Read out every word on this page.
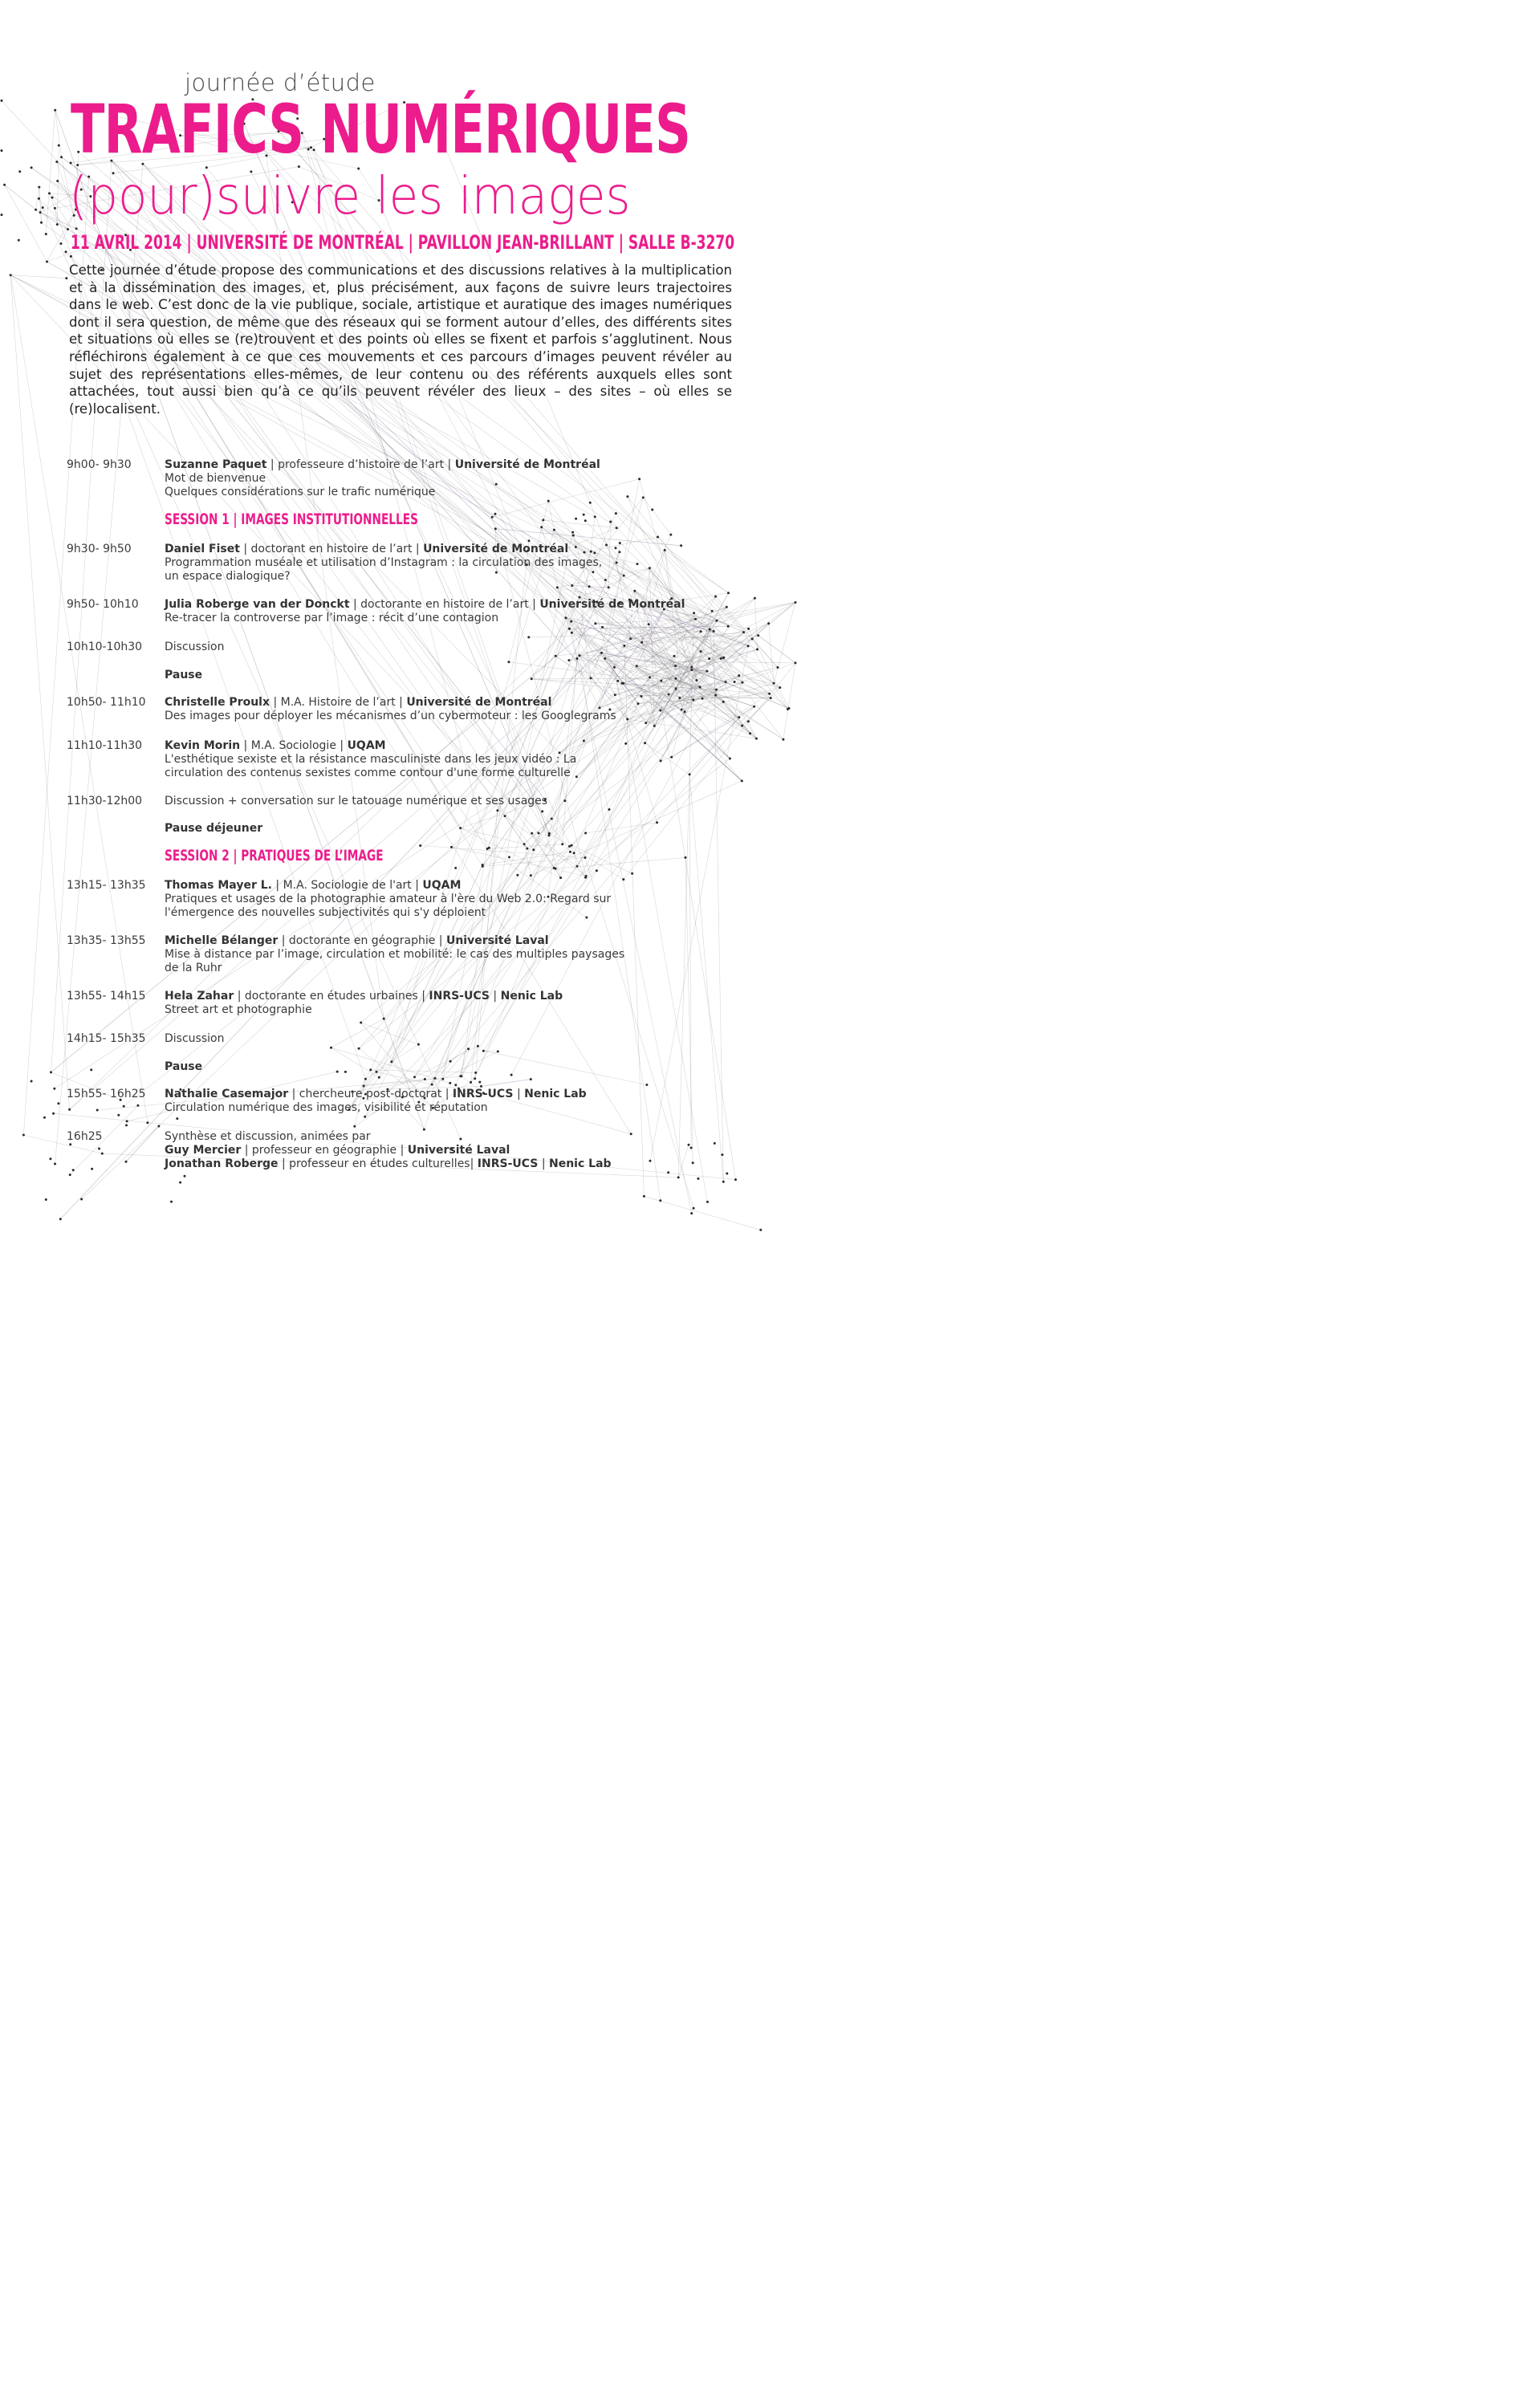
journée d’étude
TRAFICS NUMÉRIQUES
(pour)suivre les images
11 AVRIL 2014 | UNIVERSITÉ DE MONTRÉAL | PAVILLON JEAN-BRILLANT | SALLE B-3270
Cette journée d’étude propose des communications et des discussions relatives à la multiplication et à la dissémination des images, et, plus précisément, aux façons de suivre leurs trajectoires dans le web. C’est donc de la vie publique, sociale, artistique et auratique des images numériques dont il sera question, de même que des réseaux qui se forment autour d’elles, des différents sites et situations où elles se (re)trouvent et des points où elles se fixent et parfois s’agglutinent. Nous réfléchirons également à ce que ces mouvements et ces parcours d’images peuvent révéler au sujet des représentations elles-mêmes, de leur contenu ou des référents auxquels elles sont attachées, tout aussi bien qu’à ce qu’ils peuvent révéler des lieux – des sites – où elles se (re)localisent.
9h00- 9h30	Suzanne Paquet | professeure d’histoire de l’art | Université de Montréal
Mot de bienvenue
Quelques considérations sur le trafic numérique
SESSION 1 | IMAGES INSTITUTIONNELLES
9h30- 9h50	Daniel Fiset | doctorant en histoire de l’art | Université de Montréal
Programmation muséale et utilisation d’Instagram : la circulation des images,
un espace dialogique?
9h50- 10h10 Julia Roberge van der Donckt | doctorante en histoire de l’art | Université de Montréal
Re-tracer la controverse par l’image : récit d’une contagion
10h10-10h30 Discussion
Pause
10h50- 11h10 Christelle Proulx | M.A. Histoire de l’art | Université de Montréal
Des images pour déployer les mécanismes d’un cybermoteur : les Googlegrams
11h10-11h30 Kevin Morin | M.A. Sociologie | UQAM
L'esthétique sexiste et la résistance masculiniste dans les jeux vidéo : La
circulation des contenus sexistes comme contour d'une forme culturelle
11h30-12h00 Discussion + conversation sur le tatouage numérique et ses usages
Pause déjeuner
SESSION 2 | PRATIQUES DE L’IMAGE
13h15- 13h35 Thomas Mayer L. | M.A. Sociologie de l'art | UQAM
Pratiques et usages de la photographie amateur à l'ère du Web 2.0: Regard sur
l'émergence des nouvelles subjectivités qui s'y déploient
13h35- 13h55 Michelle Bélanger | doctorante en géographie | Université Laval
Mise à distance par l’image, circulation et mobilité: le cas des multiples paysages
de la Ruhr
13h55- 14h15 Hela Zahar | doctorante en études urbaines | INRS-UCS | Nenic Lab
Street art et photographie
14h15- 15h35 Discussion
Pause
15h55- 16h25 Nathalie Casemajor | chercheure post-doctorat | INRS-UCS | Nenic Lab
Circulation numérique des images, visibilité et réputation
16h25	Synthèse et discussion, animées par
Guy Mercier | professeur en géographie | Université Laval
Jonathan Roberge | professeur en études culturelles| INRS-UCS | Nenic Lab
